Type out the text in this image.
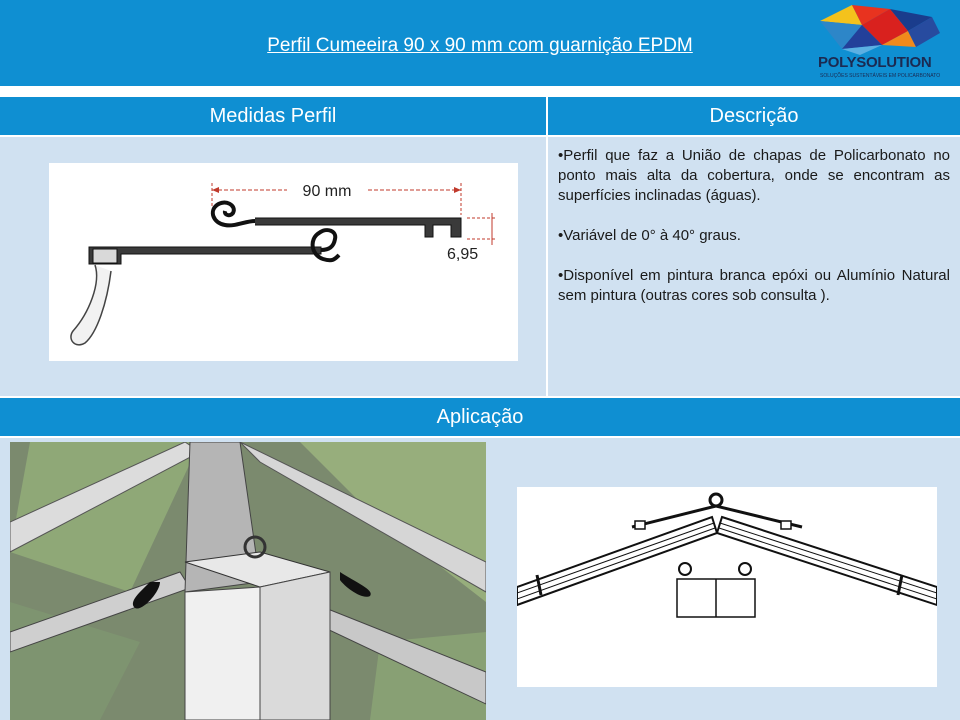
Perfil Cumeeira 90 x 90 mm com guarnição EPDM
POLYSOLUTION
SOLUÇÕES SUSTENTÁVEIS EM POLICARBONATO
Medidas Perfil	Descrição
90 mm
6,95

•Perfil que faz a União de chapas de Policarbonato no ponto mais alta da cobertura, onde se encontram as superfícies inclinadas (águas).

•Variável de 0° à 40° graus.

•Disponível em pintura branca epóxi ou Alumínio Natural sem pintura (outras cores sob consulta ).

Aplicação
